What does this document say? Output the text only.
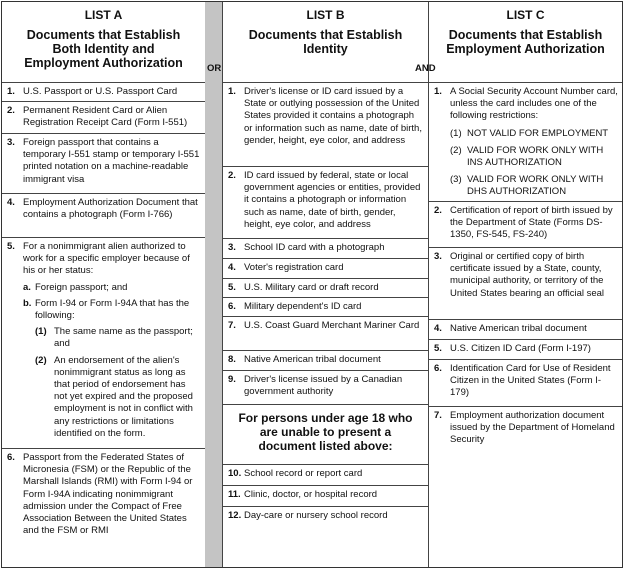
LIST A
Documents that Establish
Both Identity and
Employment Authorization
1. U.S. Passport or U.S. Passport Card
2. Permanent Resident Card or Alien Registration Receipt Card (Form I-551)
3. Foreign passport that contains a temporary I-551 stamp or temporary I-551 printed notation on a machine-readable immigrant visa
4. Employment Authorization Document that contains a photograph (Form I-766)
5. For a nonimmigrant alien authorized to work for a specific employer because of his or her status:
a. Foreign passport; and
b. Form I-94 or Form I-94A that has the following:
(1) The same name as the passport; and
(2) An endorsement of the alien's nonimmigrant status as long as that period of endorsement has not yet expired and the proposed employment is not in conflict with any restrictions or limitations identified on the form.
6. Passport from the Federated States of Micronesia (FSM) or the Republic of the Marshall Islands (RMI) with Form I-94 or Form I-94A indicating nonimmigrant admission under the Compact of Free Association Between the United States and the FSM or RMI
OR
LIST B
Documents that Establish
Identity
1. Driver's license or ID card issued by a State or outlying possession of the United States provided it contains a photograph or information such as name, date of birth, gender, height, eye color, and address
2. ID card issued by federal, state or local government agencies or entities, provided it contains a photograph or information such as name, date of birth, gender, height, eye color, and address
3. School ID card with a photograph
4. Voter's registration card
5. U.S. Military card or draft record
6. Military dependent's ID card
7. U.S. Coast Guard Merchant Mariner Card
8. Native American tribal document
9. Driver's license issued by a Canadian government authority
For persons under age 18 who are unable to present a document listed above:
10. School record or report card
11. Clinic, doctor, or hospital record
12. Day-care or nursery school record
AND
LIST C
Documents that Establish
Employment Authorization
1. A Social Security Account Number card, unless the card includes one of the following restrictions:
(1) NOT VALID FOR EMPLOYMENT
(2) VALID FOR WORK ONLY WITH INS AUTHORIZATION
(3) VALID FOR WORK ONLY WITH DHS AUTHORIZATION
2. Certification of report of birth issued by the Department of State (Forms DS-1350, FS-545, FS-240)
3. Original or certified copy of birth certificate issued by a State, county, municipal authority, or territory of the United States bearing an official seal
4. Native American tribal document
5. U.S. Citizen ID Card (Form I-197)
6. Identification Card for Use of Resident Citizen in the United States (Form I-179)
7. Employment authorization document issued by the Department of Homeland Security
